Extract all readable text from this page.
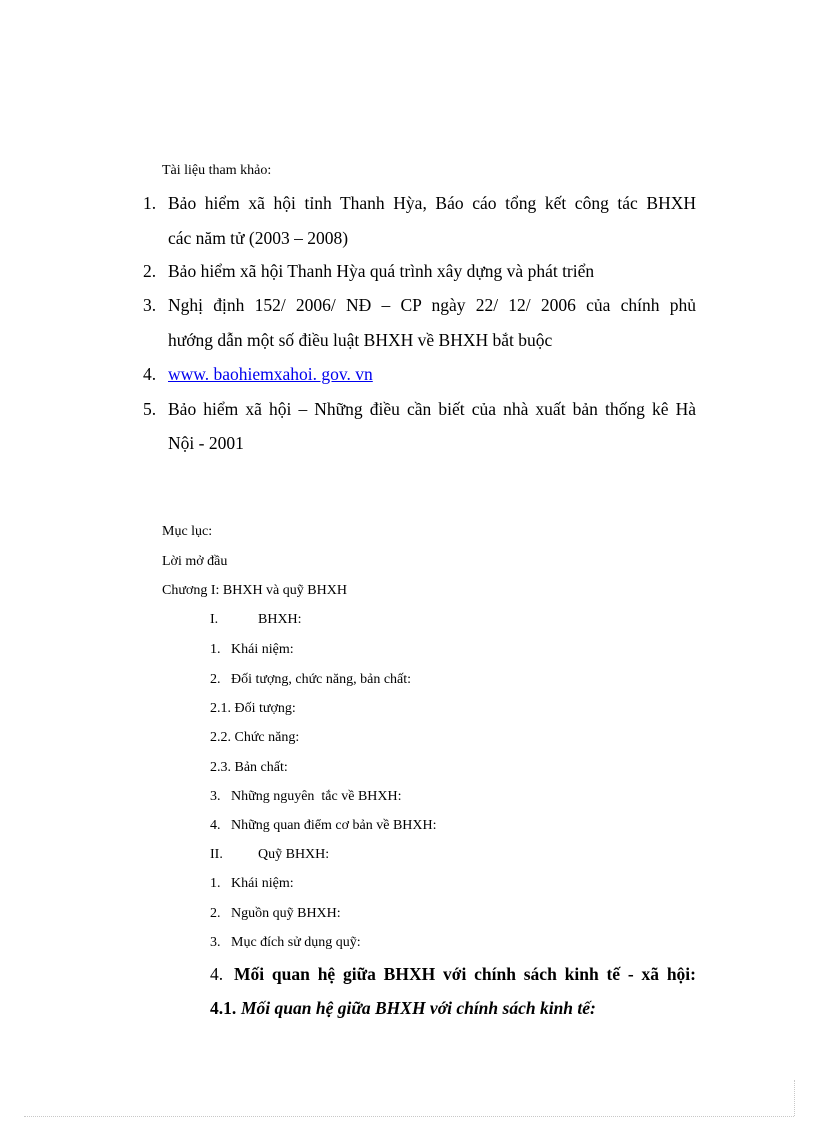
Tài liệu tham khảo:
1. Bảo hiểm xã hội tỉnh Thanh Hỳa, Báo cáo tổng kết công tác BHXH
các năm tử (2003 – 2008)
2. Bảo hiểm xã hội Thanh Hỳa quá trình xây dựng và phát triển
3. Nghị định 152/ 2006/ NĐ – CP ngày 22/ 12/ 2006 của chính phủ
hướng dẫn một số điều luật BHXH về BHXH bắt buộc
4. www. baohiemxahoi. gov. vn
5. Bảo hiểm xã hội – Những điều cần biết của nhà xuất bản thống kê Hà
Nội - 2001
Mục lục:
Lời mở đầu
Chương I: BHXH và quỹ BHXH
I.	BHXH:
1.   Khái niệm:
2.   Đối tượng, chức năng, bản chất:
2.1. Đối tượng:
2.2. Chức năng:
2.3. Bản chất:
3.   Những nguyên  tắc về BHXH:
4.   Những quan điểm cơ bản về BHXH:
II.	Quỹ BHXH:
1.   Khái niệm:
2.   Nguồn quỹ BHXH:
3.   Mục đích sử dụng quỹ:
4. Mối quan hệ giữa BHXH với chính sách kinh tế - xã hội:
4.1. Mối quan hệ giữa BHXH với chính sách kinh tế:
